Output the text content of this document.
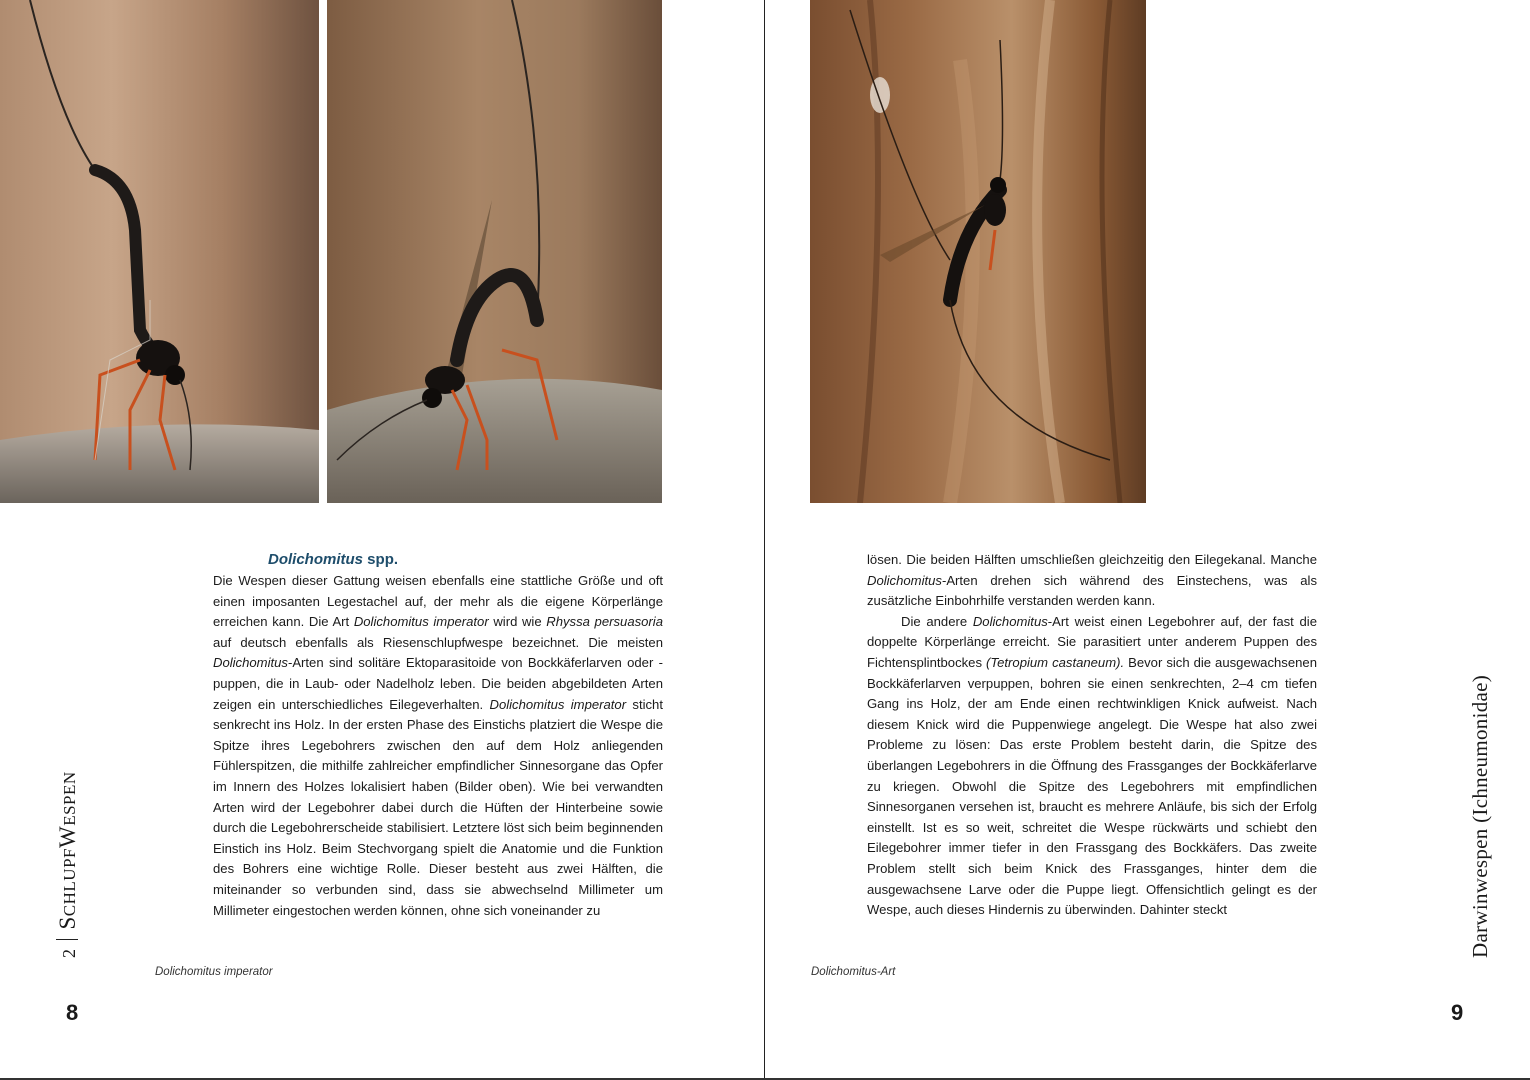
Dolichomitus spp.

Die Wespen dieser Gattung weisen ebenfalls eine stattliche Größe und oft einen imposanten Legestachel auf, der mehr als die eigene Körperlänge erreichen kann. Die Art Dolichomitus imperator wird wie Rhyssa persuasoria auf deutsch ebenfalls als Riesenschlupfwespe bezeichnet. Die meisten Dolichomitus-Arten sind solitäre Ektoparasitoide von Bockkäferlarven oder -puppen, die in Laub- oder Nadelholz leben. Die beiden abgebildeten Arten zeigen ein unterschiedliches Eilegeverhalten. Dolichomitus imperator sticht senkrecht ins Holz. In der ersten Phase des Einstichs platziert die Wespe die Spitze ihres Legebohrers zwischen den auf dem Holz anliegenden Fühlerspitzen, die mithilfe zahlreicher empfindlicher Sinnesorgane das Opfer im Innern des Holzes lokalisiert haben (Bilder oben). Wie bei verwandten Arten wird der Legebohrer dabei durch die Hüften der Hinterbeine sowie durch die Legebohrerscheide stabilisiert. Letztere löst sich beim beginnenden Einstich ins Holz. Beim Stechvorgang spielt die Anatomie und die Funktion des Bohrers eine wichtige Rolle. Dieser besteht aus zwei Hälften, die miteinander so verbunden sind, dass sie abwechselnd Millimeter um Millimeter eingestochen werden können, ohne sich voneinander zu

Dolichomitus imperator
2SCHLUPFWESPEN
8

lösen. Die beiden Hälften umschließen gleichzeitig den Eilegekanal. Manche Dolichomitus-Arten drehen sich während des Einstechens, was als zusätzliche Einbohrhilfe verstanden werden kann.

Die andere Dolichomitus-Art weist einen Legebohrer auf, der fast die doppelte Körperlänge erreicht. Sie parasitiert unter anderem Puppen des Fichtensplintbockes (Tetropium castaneum). Bevor sich die ausgewachsenen Bockkäferlarven verpuppen, bohren sie einen senkrechten, 2–4 cm tiefen Gang ins Holz, der am Ende einen rechtwinkligen Knick aufweist. Nach diesem Knick wird die Puppenwiege angelegt. Die Wespe hat also zwei Probleme zu lösen: Das erste Problem besteht darin, die Spitze des überlangen Legebohrers in die Öffnung des Frassganges der Bockkäferlarve zu kriegen. Obwohl die Spitze des Legebohrers mit empfindlichen Sinnesorganen versehen ist, braucht es mehrere Anläufe, bis sich der Erfolg einstellt. Ist es so weit, schreitet die Wespe rückwärts und schiebt den Eilegebohrer immer tiefer in den Frassgang des Bockkäfers. Das zweite Problem stellt sich beim Knick des Frassganges, hinter dem die ausgewachsene Larve oder die Puppe liegt. Offensichtlich gelingt es der Wespe, auch dieses Hindernis zu überwinden. Dahinter steckt

Dolichomitus-Art
9
Darwinwespen (Ichneumonidae)
